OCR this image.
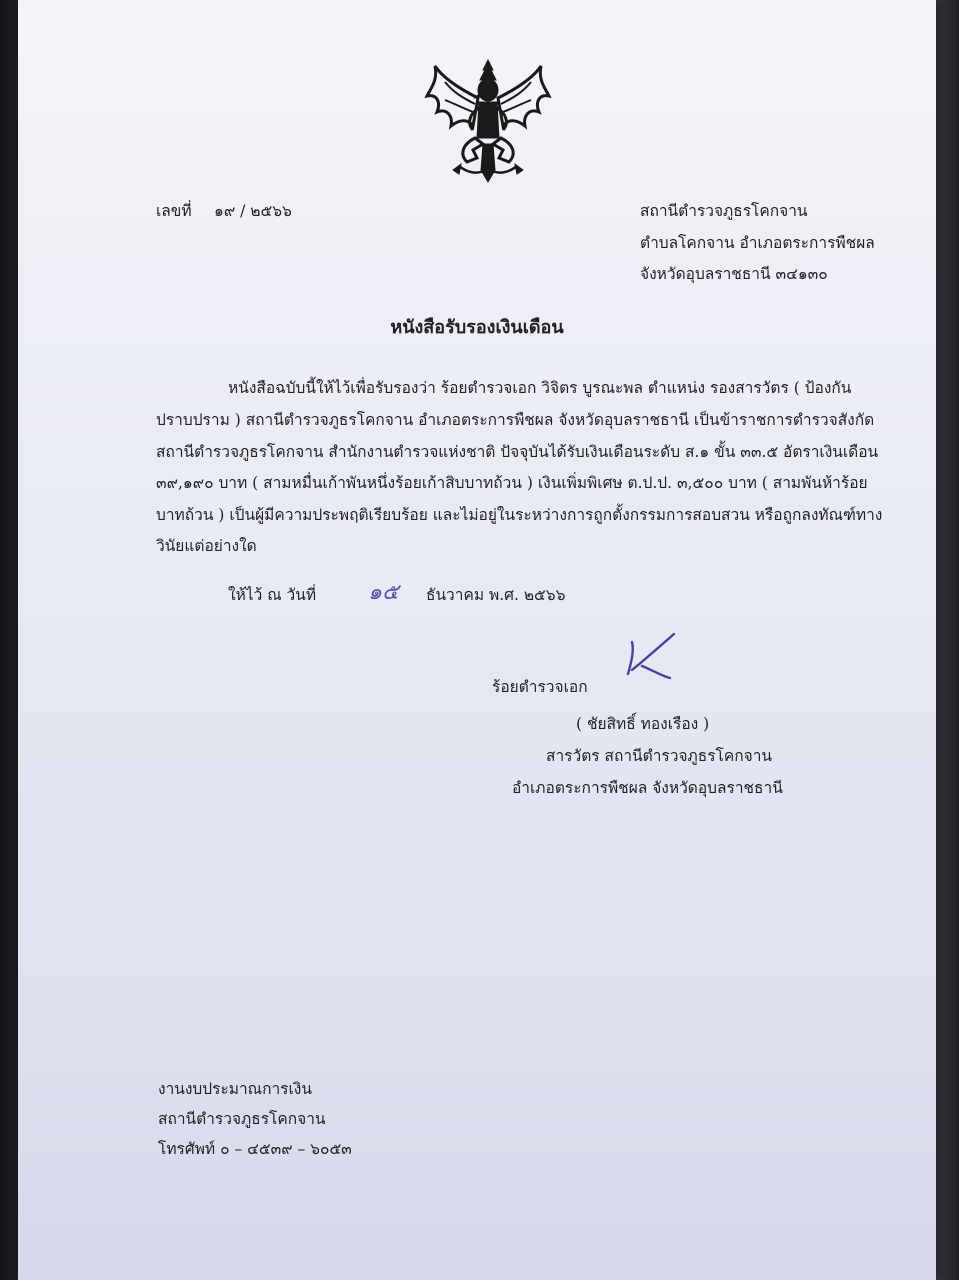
เลขที่ ๑๙ / ๒๕๖๖	สถานีตำรวจภูธรโคกจาน
ตำบลโคกจาน อำเภอตระการพืชผล
จังหวัดอุบลราชธานี ๓๔๑๓๐
หนังสือรับรองเงินเดือน
หนังสือฉบับนี้ให้ไว้เพื่อรับรองว่า ร้อยตำรวจเอก วิจิตร บูรณะพล ตำแหน่ง รองสารวัตร ( ป้องกัน
ปราบปราม ) สถานีตำรวจภูธรโคกจาน อำเภอตระการพืชผล จังหวัดอุบลราชธานี เป็นข้าราชการตำรวจสังกัด
สถานีตำรวจภูธรโคกจาน สำนักงานตำรวจแห่งชาติ ปัจจุบันได้รับเงินเดือนระดับ ส.๑ ขั้น ๓๓.๕ อัตราเงินเดือน
๓๙,๑๙๐ บาท ( สามหมื่นเก้าพันหนึ่งร้อยเก้าสิบบาทถ้วน ) เงินเพิ่มพิเศษ ต.ป.ป. ๓,๕๐๐ บาท ( สามพันห้าร้อย
บาทถ้วน ) เป็นผู้มีความประพฤติเรียบร้อย และไม่อยู่ในระหว่างการถูกตั้งกรรมการสอบสวน หรือถูกลงทัณฑ์ทาง
วินัยแต่อย่างใด
ให้ไว้ ณ วันที่ ๑๕ ธันวาคม พ.ศ. ๒๕๖๖
ร้อยตำรวจเอก
( ชัยสิทธิ์ ทองเรือง )
สารวัตร สถานีตำรวจภูธรโคกจาน
อำเภอตระการพืชผล จังหวัดอุบลราชธานี
งานงบประมาณการเงิน
สถานีตำรวจภูธรโคกจาน
โทรศัพท์ ๐ – ๔๕๓๙ – ๖๐๕๓
